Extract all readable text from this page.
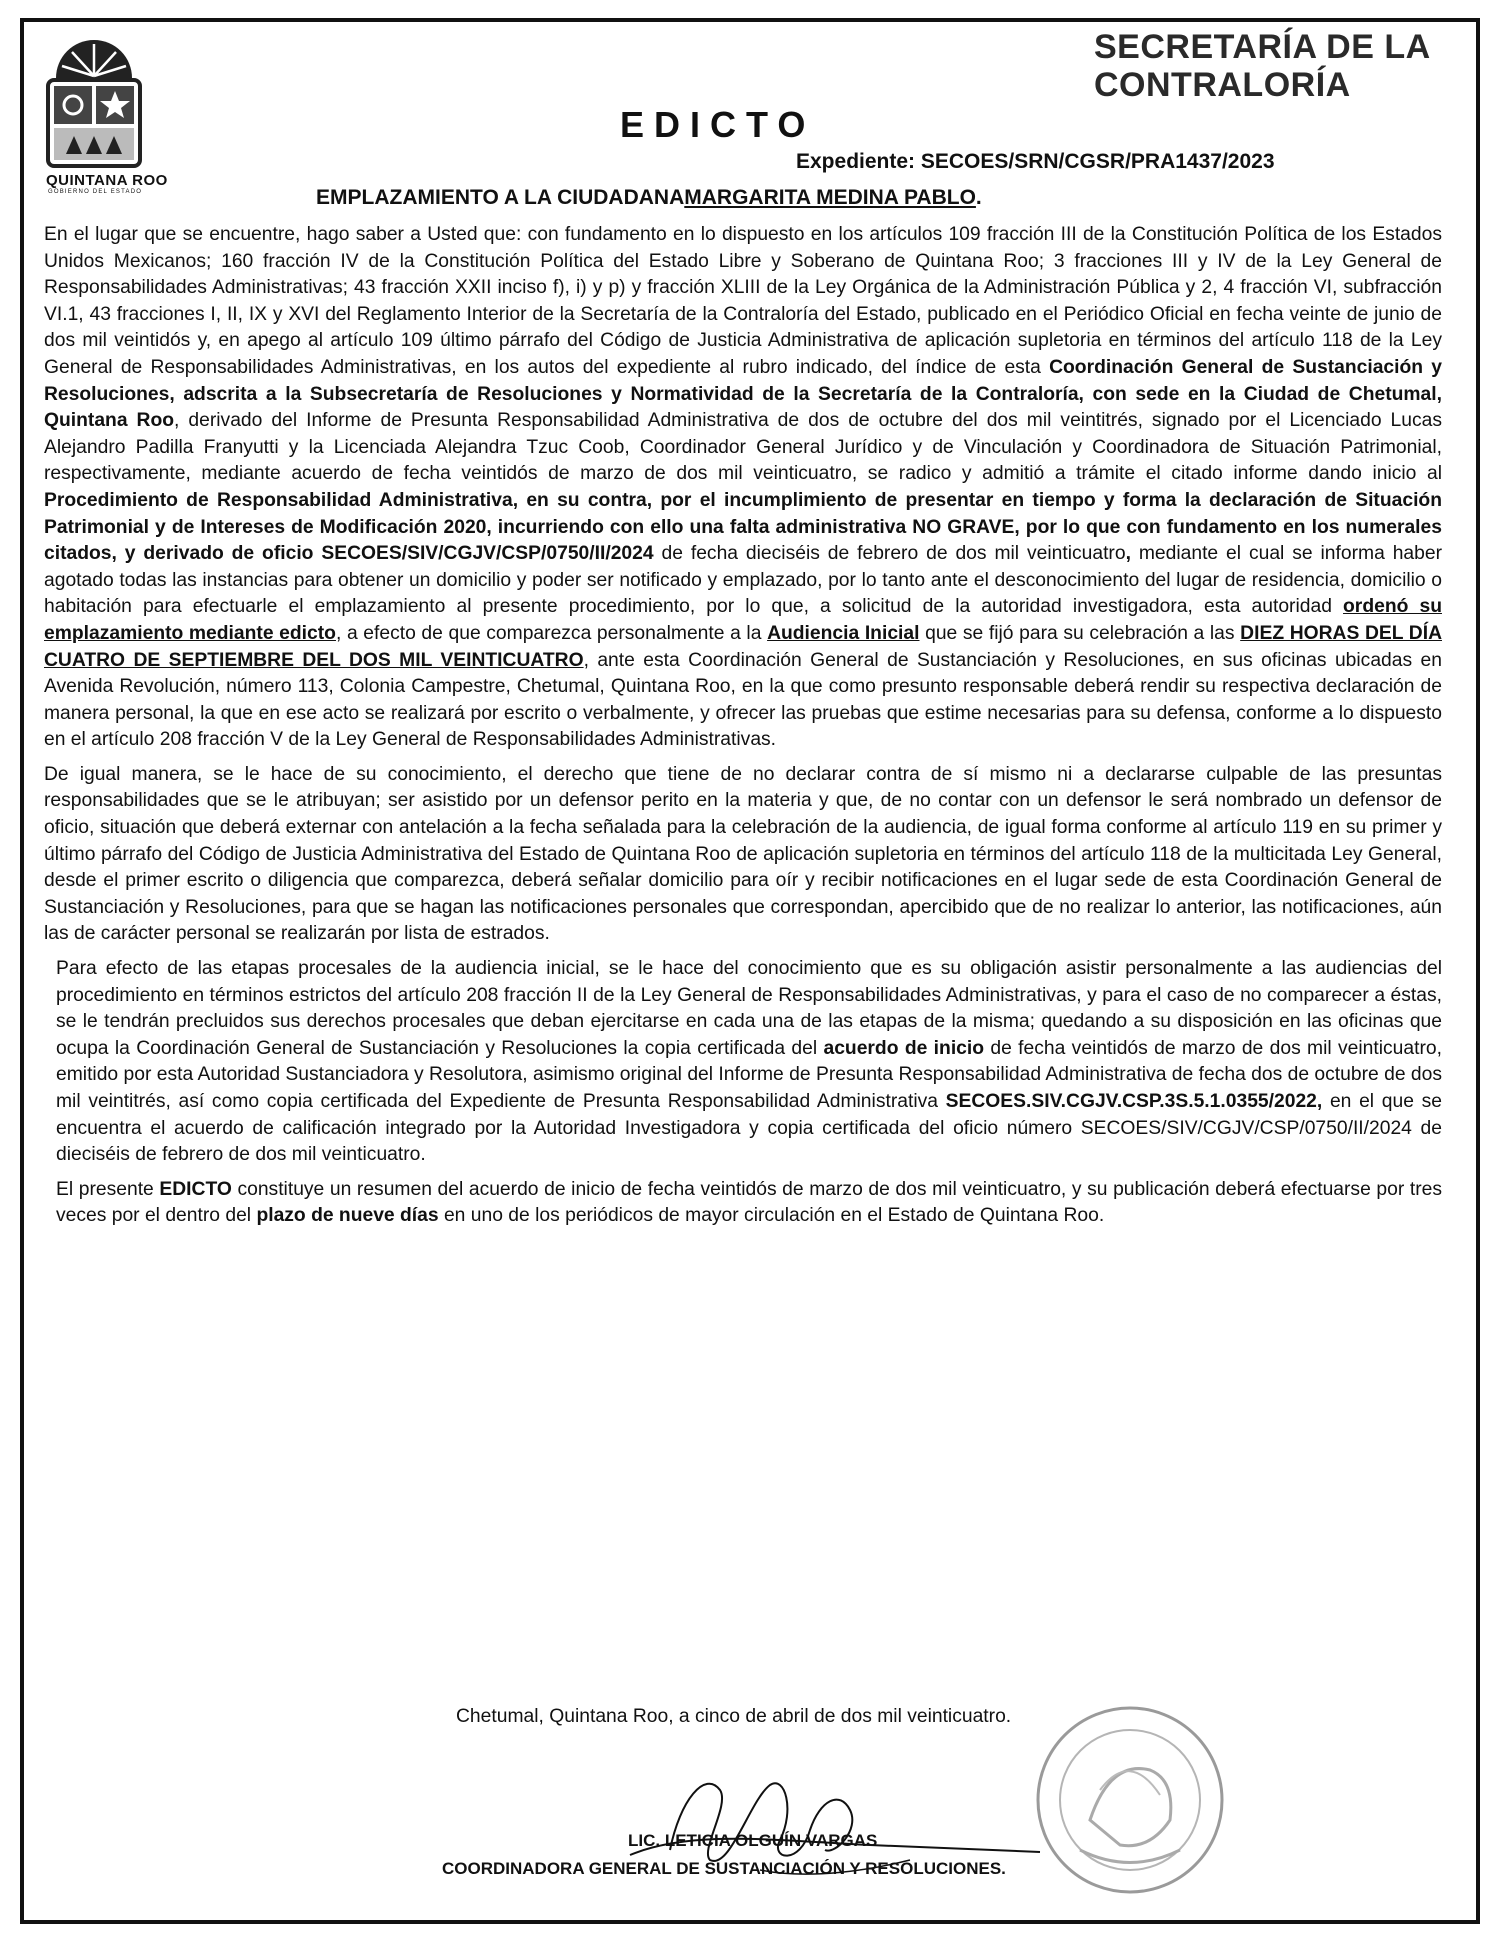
QUINTANA ROO
GOBIERNO DEL ESTADO
SECRETARÍA DE LA
CONTRALORÍA
EDICTO
Expediente: SECOES/SRN/CGSR/PRA1437/2023
EMPLAZAMIENTO A LA CIUDADANAMARGARITA MEDINA PABLO.

En el lugar que se encuentre, hago saber a Usted que: con fundamento en lo dispuesto en los artículos 109 fracción III de la Constitución Política de los Estados Unidos Mexicanos; 160 fracción IV de la Constitución Política del Estado Libre y Soberano de Quintana Roo; 3 fracciones III y IV de la Ley General de Responsabilidades Administrativas; 43 fracción XXII inciso f), i) y p) y fracción XLIII de la Ley Orgánica de la Administración Pública y 2, 4 fracción VI, subfracción VI.1, 43 fracciones I, II, IX y XVI del Reglamento Interior de la Secretaría de la Contraloría del Estado, publicado en el Periódico Oficial en fecha veinte de junio de dos mil veintidós y, en apego al artículo 109 último párrafo del Código de Justicia Administrativa de aplicación supletoria en términos del artículo 118 de la Ley General de Responsabilidades Administrativas, en los autos del expediente al rubro indicado, del índice de esta Coordinación General de Sustanciación y Resoluciones, adscrita a la Subsecretaría de Resoluciones y Normatividad de la Secretaría de la Contraloría, con sede en la Ciudad de Chetumal, Quintana Roo, derivado del Informe de Presunta Responsabilidad Administrativa de dos de octubre del dos mil veintitrés, signado por el Licenciado Lucas Alejandro Padilla Franyutti y la Licenciada Alejandra Tzuc Coob, Coordinador General Jurídico y de Vinculación y Coordinadora de Situación Patrimonial, respectivamente, mediante acuerdo de fecha veintidós de marzo de dos mil veinticuatro, se radico y admitió a trámite el citado informe dando inicio al Procedimiento de Responsabilidad Administrativa, en su contra, por el incumplimiento de presentar en tiempo y forma la declaración de Situación Patrimonial y de Intereses de Modificación 2020, incurriendo con ello una falta administrativa NO GRAVE, por lo que con fundamento en los numerales citados, y derivado de oficio SECOES/SIV/CGJV/CSP/0750/II/2024 de fecha dieciséis de febrero de dos mil veinticuatro, mediante el cual se informa haber agotado todas las instancias para obtener un domicilio y poder ser notificado y emplazado, por lo tanto ante el desconocimiento del lugar de residencia, domicilio o habitación para efectuarle el emplazamiento al presente procedimiento, por lo que, a solicitud de la autoridad investigadora, esta autoridad ordenó su emplazamiento mediante edicto, a efecto de que comparezca personalmente a la Audiencia Inicial que se fijó para su celebración a las DIEZ HORAS DEL DÍA CUATRO DE SEPTIEMBRE DEL DOS MIL VEINTICUATRO, ante esta Coordinación General de Sustanciación y Resoluciones, en sus oficinas ubicadas en Avenida Revolución, número 113, Colonia Campestre, Chetumal, Quintana Roo, en la que como presunto responsable deberá rendir su respectiva declaración de manera personal, la que en ese acto se realizará por escrito o verbalmente, y ofrecer las pruebas que estime necesarias para su defensa, conforme a lo dispuesto en el artículo 208 fracción V de la Ley General de Responsabilidades Administrativas.

De igual manera, se le hace de su conocimiento, el derecho que tiene de no declarar contra de sí mismo ni a declararse culpable de las presuntas responsabilidades que se le atribuyan; ser asistido por un defensor perito en la materia y que, de no contar con un defensor le será nombrado un defensor de oficio, situación que deberá externar con antelación a la fecha señalada para la celebración de la audiencia, de igual forma conforme al artículo 119 en su primer y último párrafo del Código de Justicia Administrativa del Estado de Quintana Roo de aplicación supletoria en términos del artículo 118 de la multicitada Ley General, desde el primer escrito o diligencia que comparezca, deberá señalar domicilio para oír y recibir notificaciones en el lugar sede de esta Coordinación General de Sustanciación y Resoluciones, para que se hagan las notificaciones personales que correspondan, apercibido que de no realizar lo anterior, las notificaciones, aún las de carácter personal se realizarán por lista de estrados.

Para efecto de las etapas procesales de la audiencia inicial, se le hace del conocimiento que es su obligación asistir personalmente a las audiencias del procedimiento en términos estrictos del artículo 208 fracción II de la Ley General de Responsabilidades Administrativas, y para el caso de no comparecer a éstas, se le tendrán precluidos sus derechos procesales que deban ejercitarse en cada una de las etapas de la misma; quedando a su disposición en las oficinas que ocupa la Coordinación General de Sustanciación y Resoluciones la copia certificada del acuerdo de inicio de fecha veintidós de marzo de dos mil veinticuatro, emitido por esta Autoridad Sustanciadora y Resolutora, asimismo original del Informe de Presunta Responsabilidad Administrativa de fecha dos de octubre de dos mil veintitrés, así como copia certificada del Expediente de Presunta Responsabilidad Administrativa SECOES.SIV.CGJV.CSP.3S.5.1.0355/2022, en el que se encuentra el acuerdo de calificación integrado por la Autoridad Investigadora y copia certificada del oficio número SECOES/SIV/CGJV/CSP/0750/II/2024 de dieciséis de febrero de dos mil veinticuatro.

El presente EDICTO constituye un resumen del acuerdo de inicio de fecha veintidós de marzo de dos mil veinticuatro, y su publicación deberá efectuarse por tres veces por el dentro del plazo de nueve días en uno de los periódicos de mayor circulación en el Estado de Quintana Roo.

Chetumal, Quintana Roo, a cinco de abril de dos mil veinticuatro.
LIC. LETICIA OLGUÍN VARGAS
COORDINADORA GENERAL DE SUSTANCIACIÓN Y RESOLUCIONES.
